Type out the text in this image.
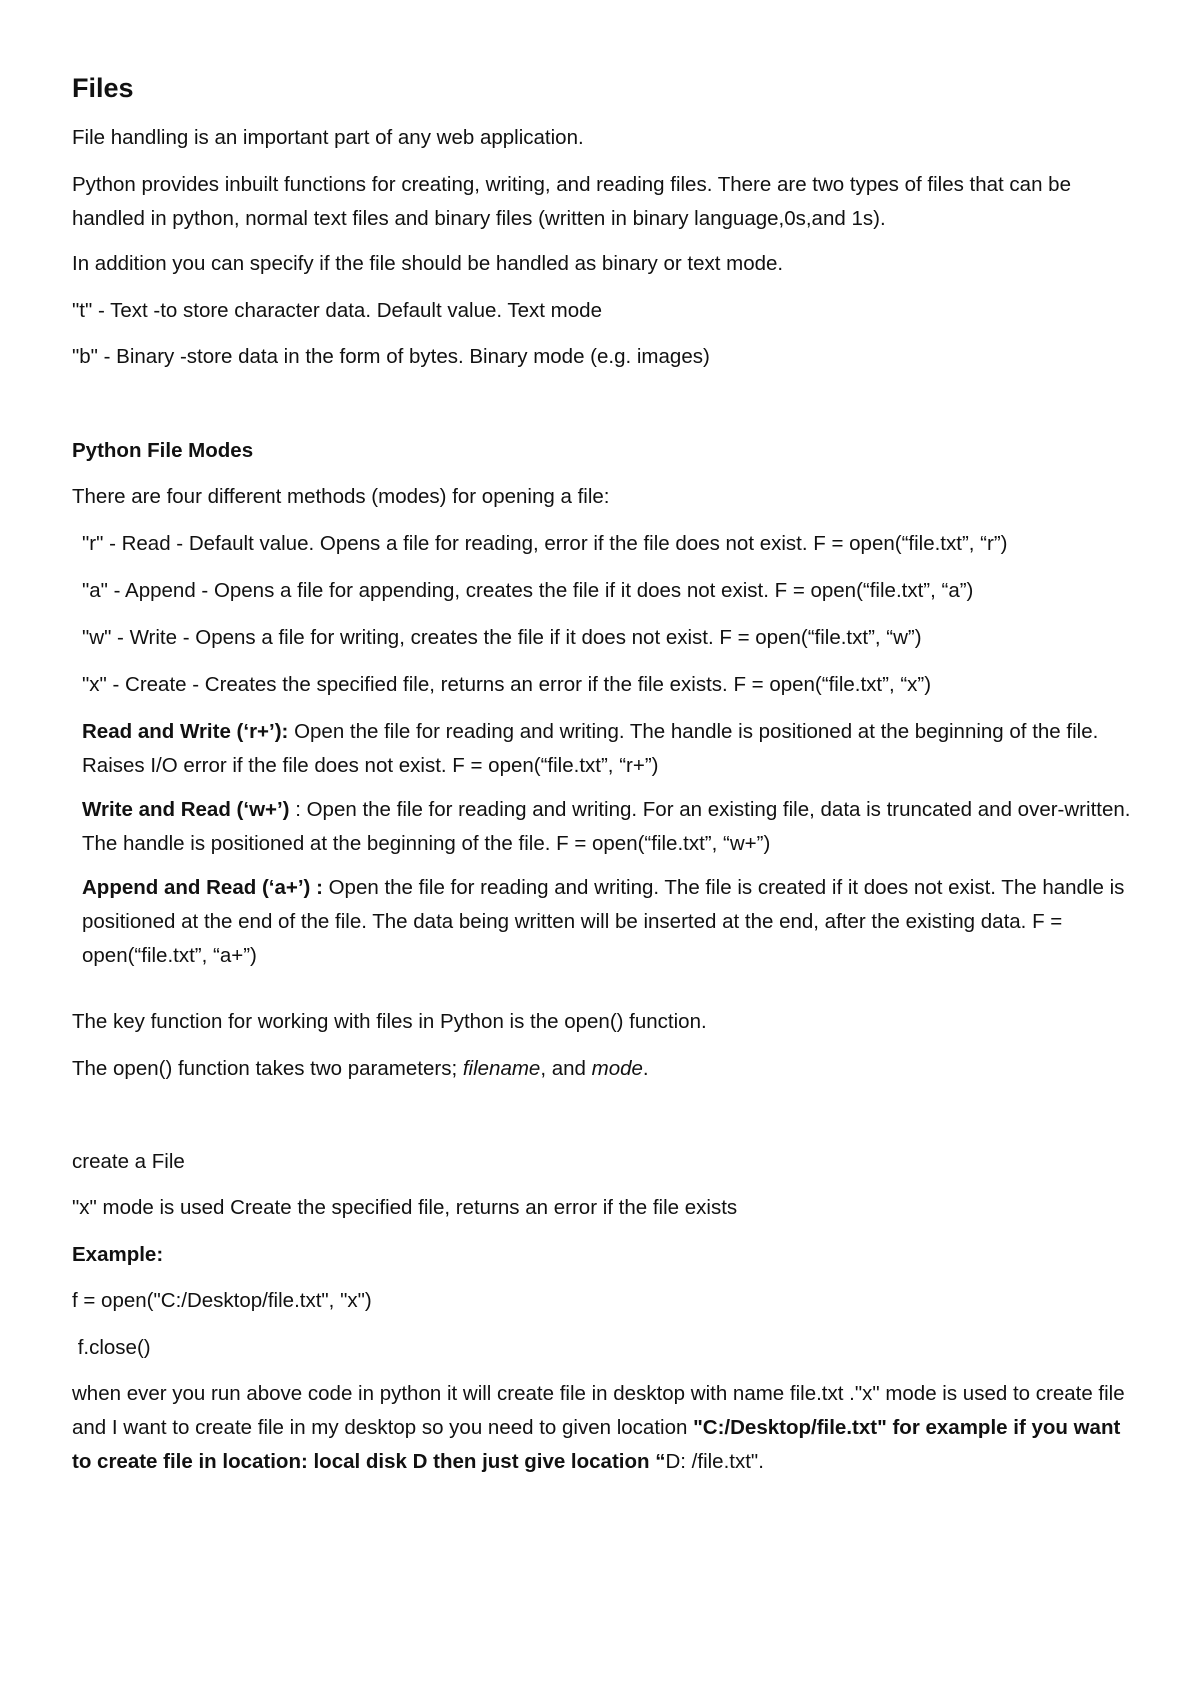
Files

File handling is an important part of any web application.

Python provides inbuilt functions for creating, writing, and reading files. There are two types of files that can be handled in python, normal text files and binary files (written in binary language,0s,and 1s).

In addition you can specify if the file should be handled as binary or text mode.

"t" - Text -to store character data. Default value. Text mode

"b" - Binary -store data in the form of bytes. Binary mode (e.g. images)

Python File Modes

There are four different methods (modes) for opening a file:

"r" - Read - Default value. Opens a file for reading, error if the file does not exist. F = open(“file.txt”, “r”)

"a" - Append - Opens a file for appending, creates the file if it does not exist. F = open(“file.txt”, “a”)

"w" - Write - Opens a file for writing, creates the file if it does not exist. F = open(“file.txt”, “w”)

"x" - Create - Creates the specified file, returns an error if the file exists. F = open(“file.txt”, “x”)

Read and Write (‘r+’): Open the file for reading and writing. The handle is positioned at the beginning of the file. Raises I/O error if the file does not exist. F = open(“file.txt”, “r+”)

Write and Read (‘w+’) : Open the file for reading and writing. For an existing file, data is truncated and over-written. The handle is positioned at the beginning of the file. F = open(“file.txt”, “w+”)

Append and Read (‘a+’) : Open the file for reading and writing. The file is created if it does not exist. The handle is positioned at the end of the file. The data being written will be inserted at the end, after the existing data. F = open(“file.txt”, “a+”)

The key function for working with files in Python is the open() function.

The open() function takes two parameters; filename, and mode.

create a File

"x" mode is used Create the specified file, returns an error if the file exists

Example:

f = open("C:/Desktop/file.txt", "x")

f.close()

when ever you run above code in python it will create file in desktop with name file.txt ."x" mode is used to create file and I want to create file in my desktop so you need to given location "C:/Desktop/file.txt" for example if you want to create file in location: local disk D then just give location “D: /file.txt".
